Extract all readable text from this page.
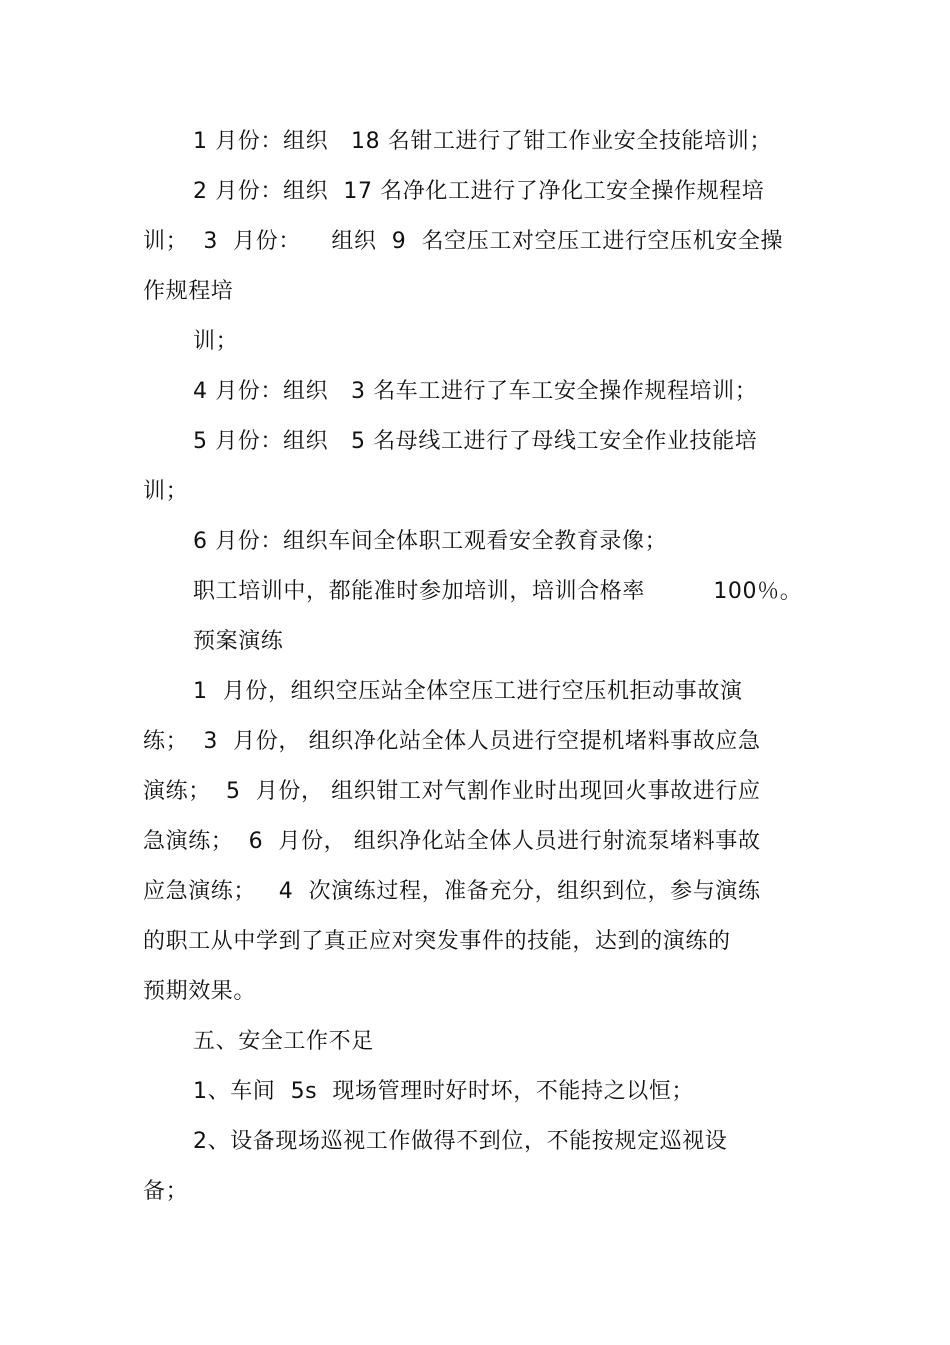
1 月份：组织   18 名钳工进行了钳工作业安全技能培训；
2 月份：组织  17 名净化工进行了净化工安全操作规程培
训；  3  月份：    组织  9  名空压工对空压工进行空压机安全操
作规程培
训；
4 月份：组织   3 名车工进行了车工安全操作规程培训；
5 月份：组织   5 名母线工进行了母线工安全作业技能培
训；
6 月份：组织车间全体职工观看安全教育录像；
职工培训中，都能准时参加培训，培训合格率         100％。
预案演练
1  月份，组织空压站全体空压工进行空压机拒动事故演
练；  3  月份， 组织净化站全体人员进行空提机堵料事故应急
演练；  5  月份， 组织钳工对气割作业时出现回火事故进行应
急演练；  6  月份， 组织净化站全体人员进行射流泵堵料事故
应急演练；   4  次演练过程，准备充分，组织到位，参与演练
的职工从中学到了真正应对突发事件的技能，达到的演练的
预期效果。
五、安全工作不足
1、车间  5s  现场管理时好时坏，不能持之以恒；
2、设备现场巡视工作做得不到位，不能按规定巡视设
备；
